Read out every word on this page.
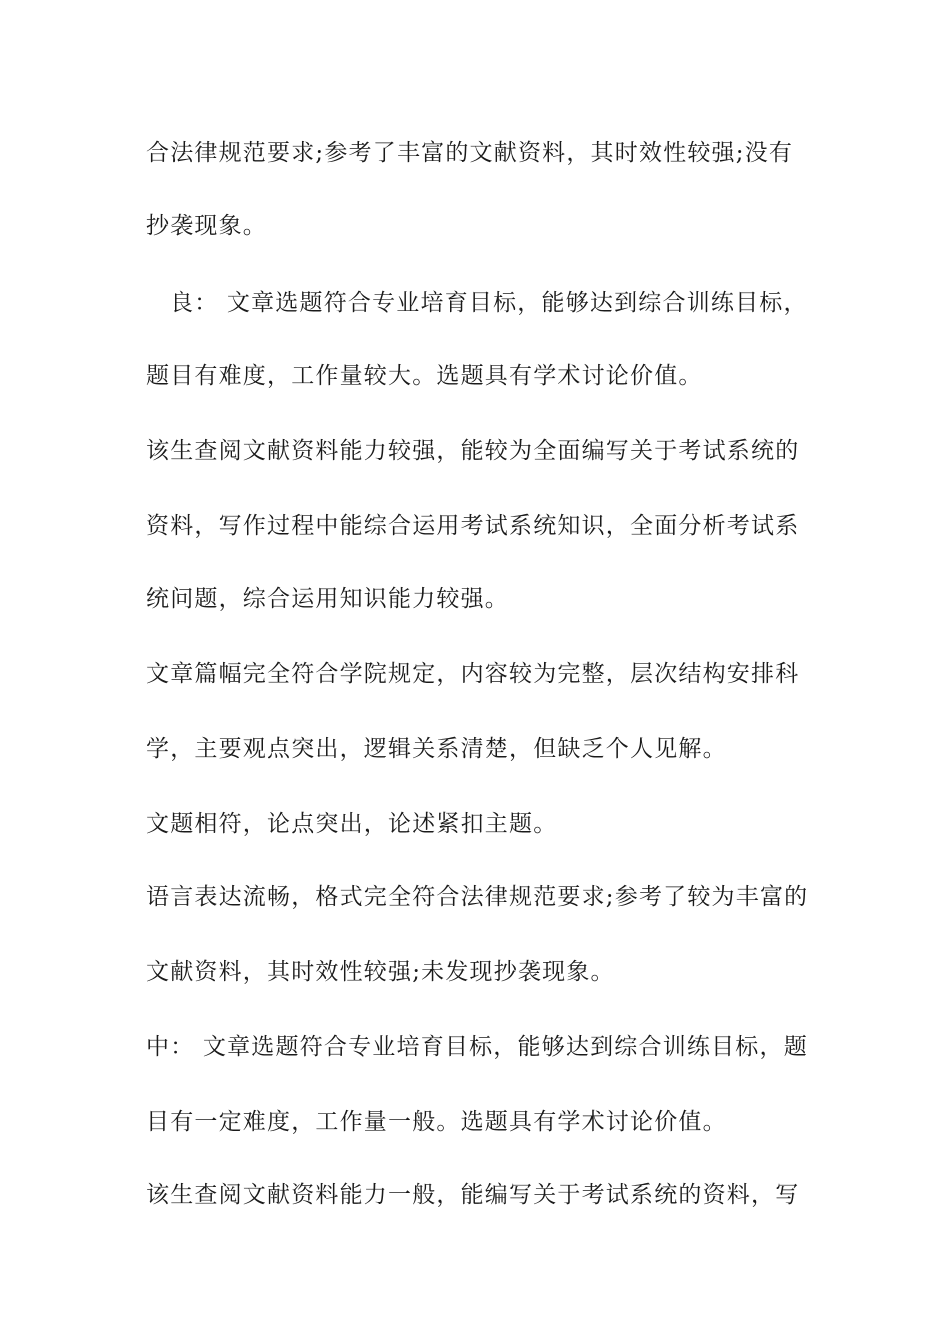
合法律规范要求;参考了丰富的文献资料，其时效性较强;没有
抄袭现象。
良： 文章选题符合专业培育目标，能够达到综合训练目标，
题目有难度，工作量较大。选题具有学术讨论价值。
该生查阅文献资料能力较强，能较为全面编写关于考试系统的
资料，写作过程中能综合运用考试系统知识，全面分析考试系
统问题，综合运用知识能力较强。
文章篇幅完全符合学院规定，内容较为完整，层次结构安排科
学，主要观点突出，逻辑关系清楚，但缺乏个人见解。
文题相符，论点突出，论述紧扣主题。
语言表达流畅，格式完全符合法律规范要求;参考了较为丰富的
文献资料，其时效性较强;未发现抄袭现象。
中： 文章选题符合专业培育目标，能够达到综合训练目标，题
目有一定难度，工作量一般。选题具有学术讨论价值。
该生查阅文献资料能力一般，能编写关于考试系统的资料，写
